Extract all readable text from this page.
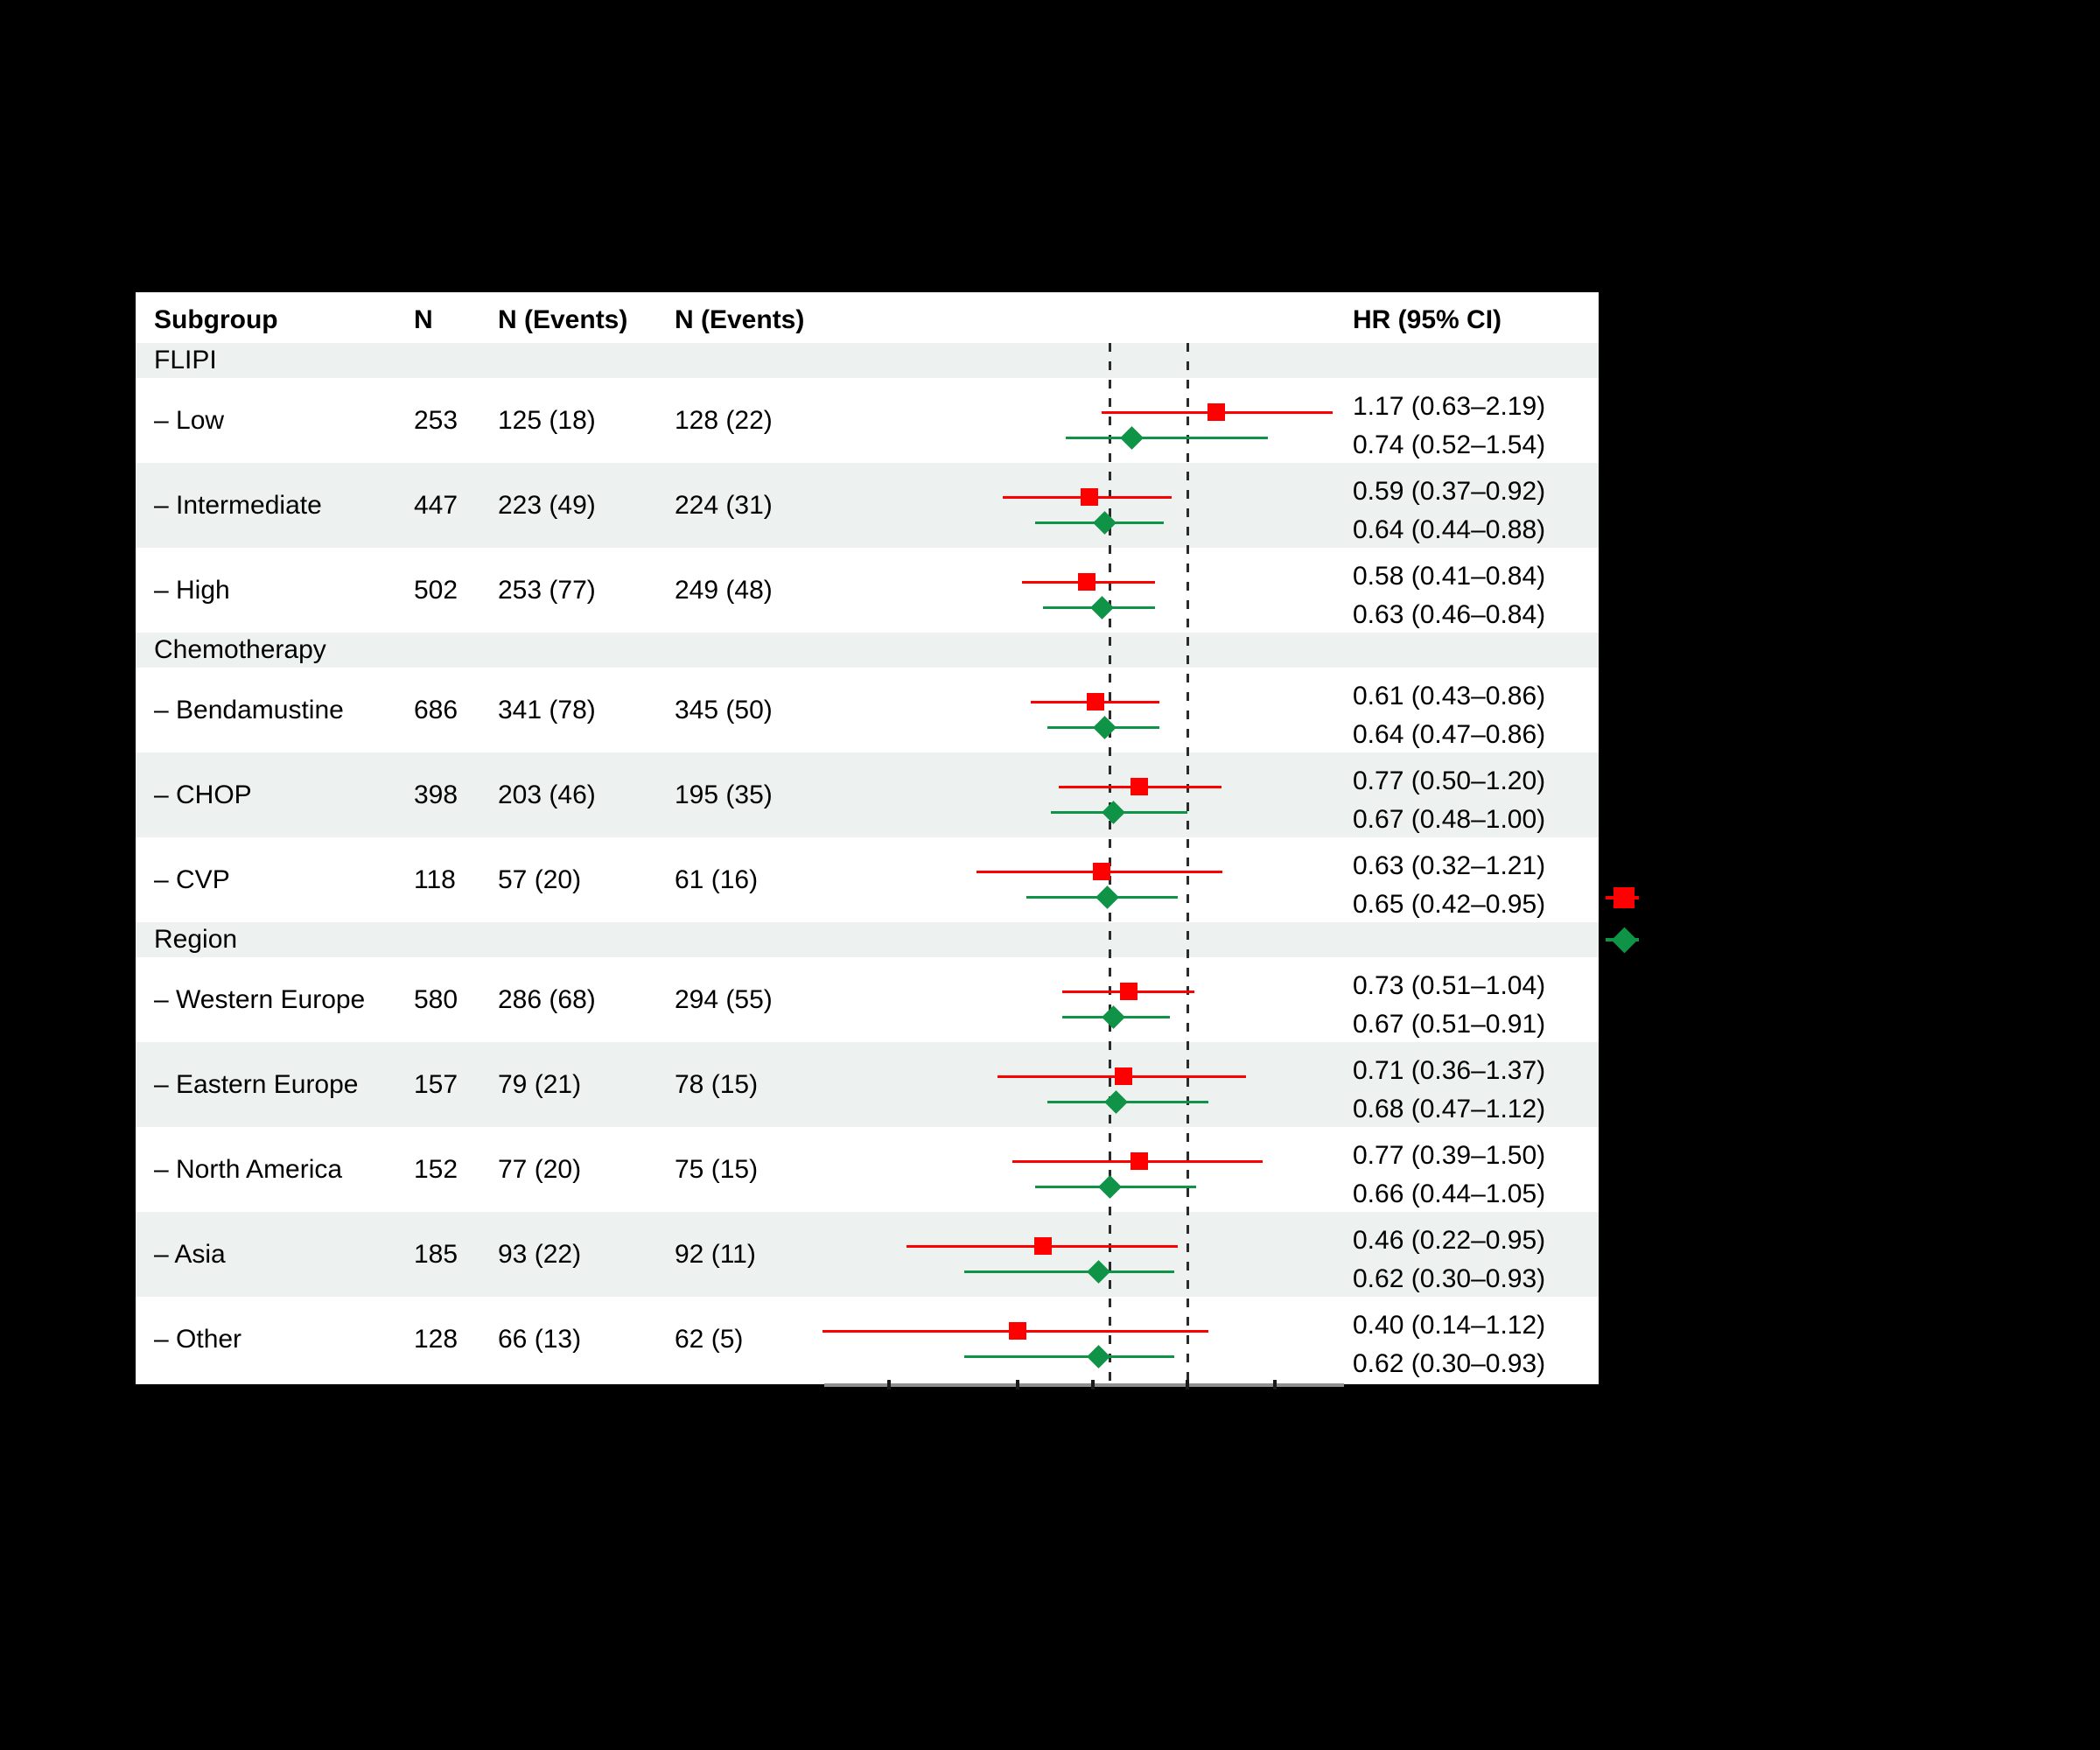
Subgroup	N N (Events) N (Events)	HR (95% CI)
FLIPI
– Low	253 125 (18)	128 (22)	1.17 (0.63–2.19)
0.74 (0.52–1.54)
– Intermediate	447 223 (49)	224 (31)	0.59 (0.37–0.92)
0.64 (0.44–0.88)
– High	502 253 (77)	249 (48)	0.58 (0.41–0.84)
0.63 (0.46–0.84)
Chemotherapy
– Bendamustine	686 341 (78)	345 (50)	0.61 (0.43–0.86)
0.64 (0.47–0.86)
– CHOP	398 203 (46)	195 (35)	0.77 (0.50–1.20)
0.67 (0.48–1.00)
– CVP	118 57 (20)	61 (16)	0.63 (0.32–1.21)
0.65 (0.42–0.95)
Region
– Western Europe 580 286 (68)	294 (55)	0.73 (0.51–1.04)
0.67 (0.51–0.91)
– Eastern Europe 157 79 (21)	78 (15)	0.71 (0.36–1.37)
0.68 (0.47–1.12)
– North America	152 77 (20)	75 (15)	0.77 (0.39–1.50)
0.66 (0.44–1.05)
– Asia	185 93 (22)	92 (11)	0.46 (0.22–0.95)
0.62 (0.30–0.93)
– Other	128 66 (13)	62 (5)	0.40 (0.14–1.12)
0.62 (0.30–0.93)
